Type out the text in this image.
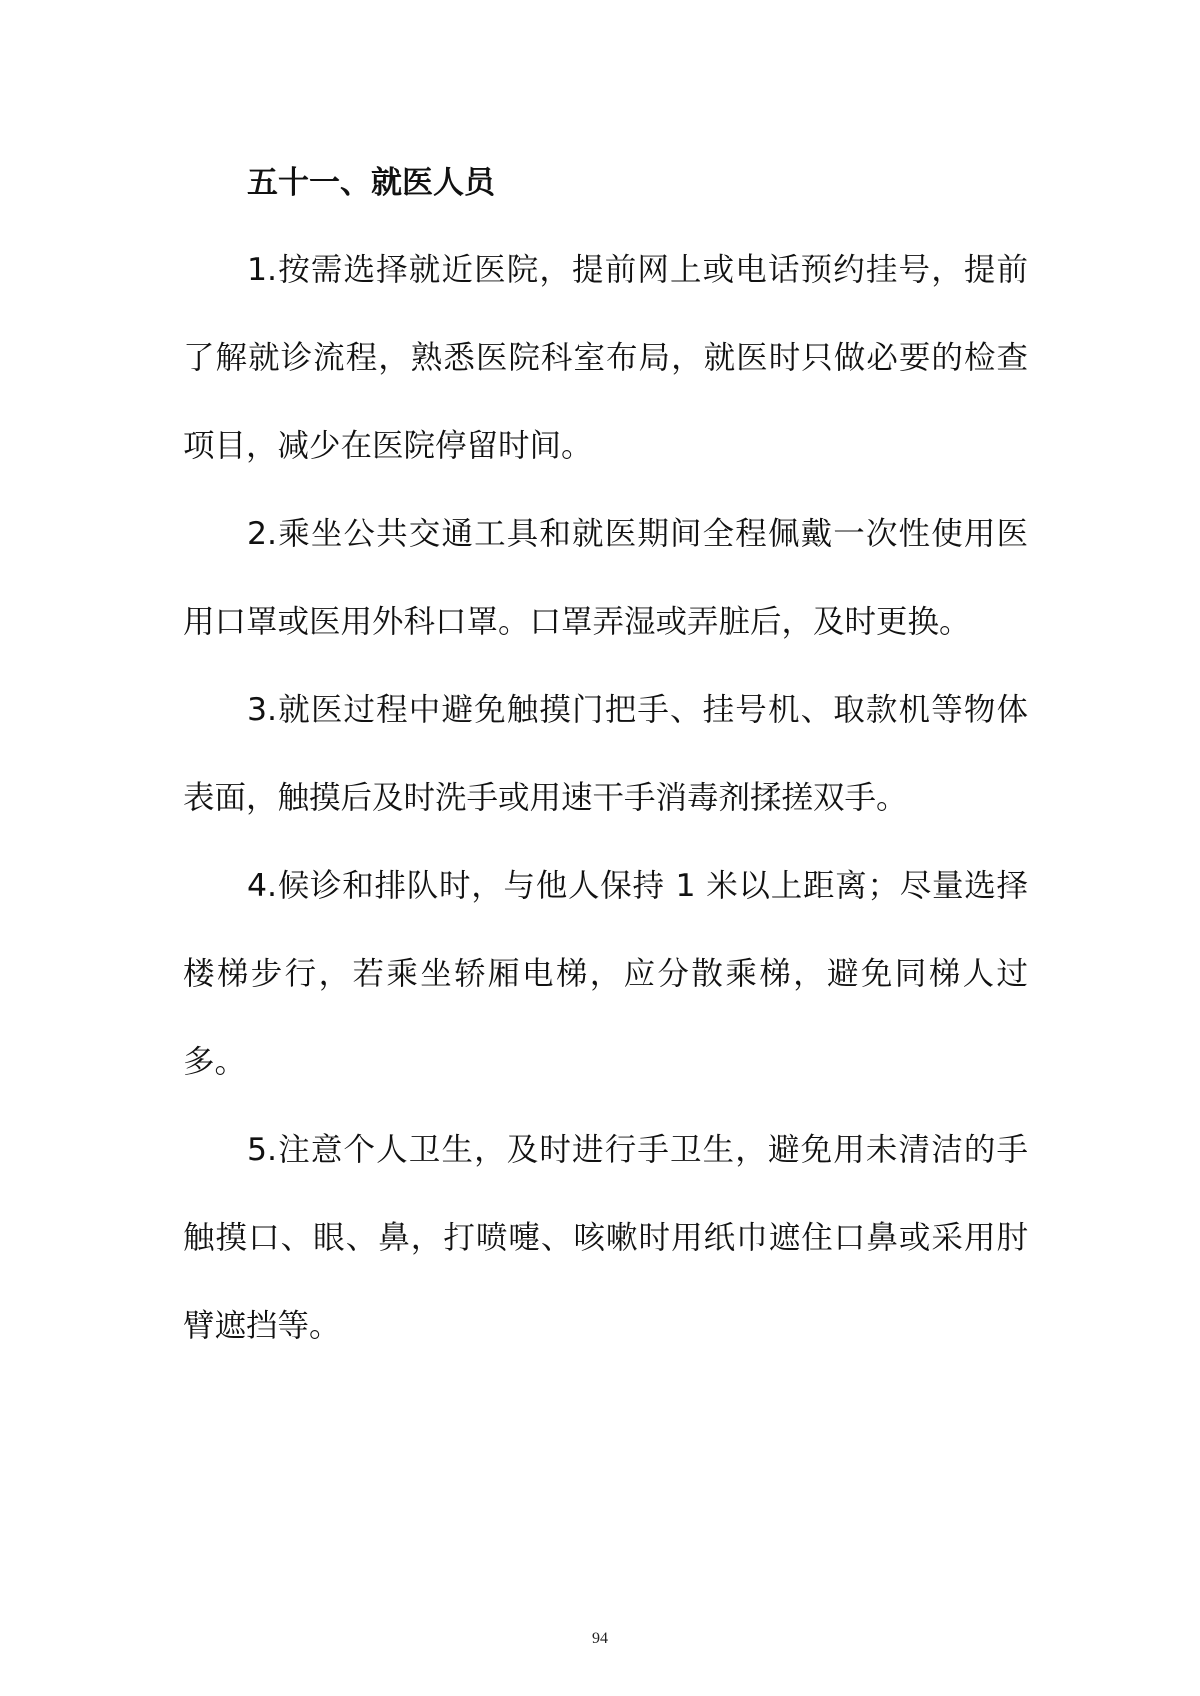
五十一、就医人员

1.按需选择就近医院，提前网上或电话预约挂号，提前了解就诊流程，熟悉医院科室布局，就医时只做必要的检查项目，减少在医院停留时间。

2.乘坐公共交通工具和就医期间全程佩戴一次性使用医用口罩或医用外科口罩。口罩弄湿或弄脏后，及时更换。

3.就医过程中避免触摸门把手、挂号机、取款机等物体表面，触摸后及时洗手或用速干手消毒剂揉搓双手。

4.候诊和排队时，与他人保持 1 米以上距离；尽量选择楼梯步行，若乘坐轿厢电梯，应分散乘梯，避免同梯人过多。

5.注意个人卫生，及时进行手卫生，避免用未清洁的手触摸口、眼、鼻，打喷嚏、咳嗽时用纸巾遮住口鼻或采用肘臂遮挡等。

94
